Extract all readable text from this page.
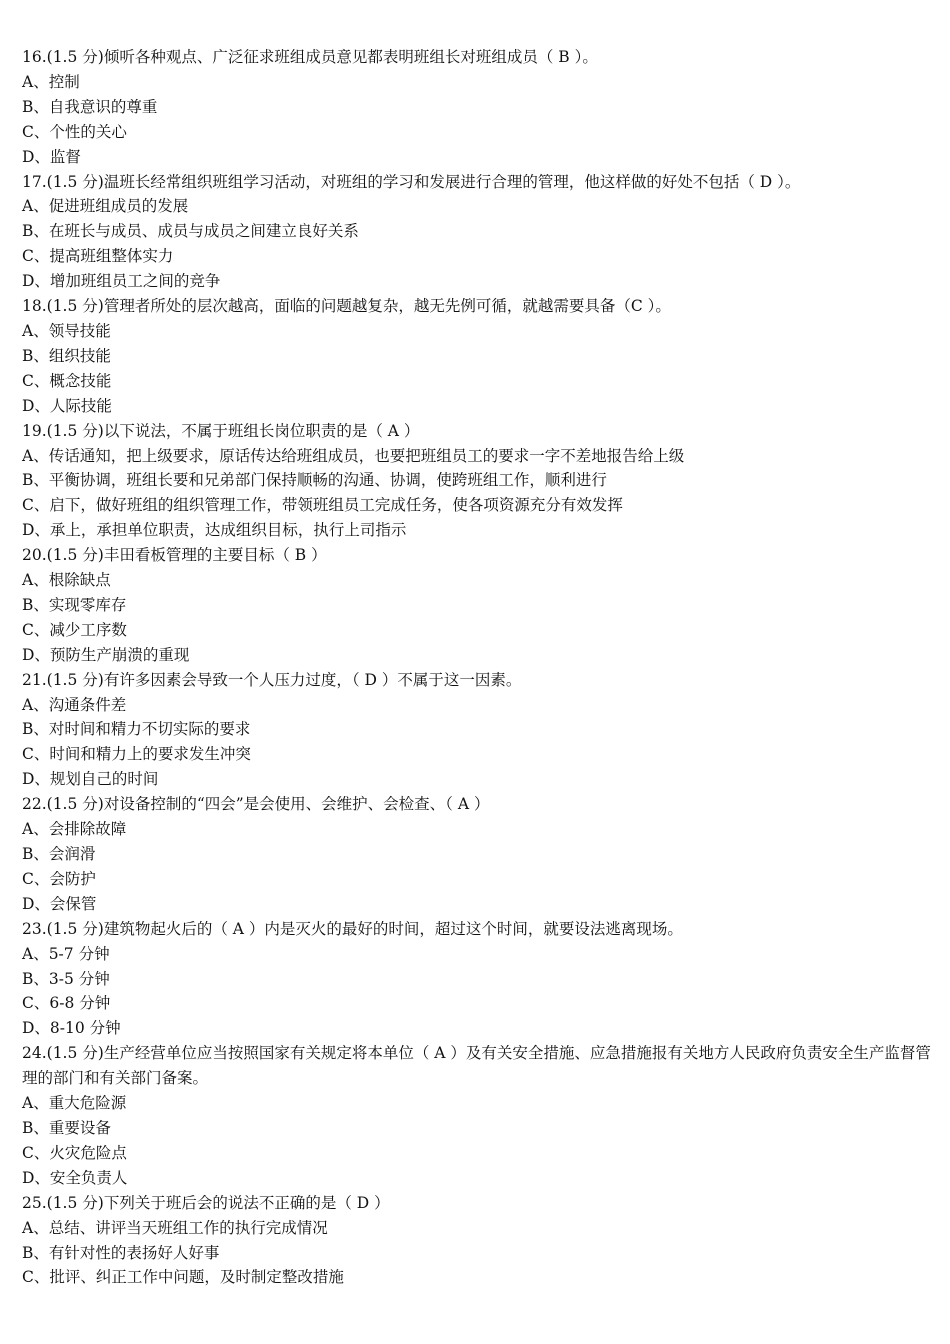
16.(1.5 分)倾听各种观点、广泛征求班组成员意见都表明班组长对班组成员（ B ）。

A、控制

B、自我意识的尊重

C、个性的关心

D、监督

17.(1.5 分)温班长经常组织班组学习活动，对班组的学习和发展进行合理的管理，他这样做的好处不包括（ D ）。

A、促进班组成员的发展

B、在班长与成员、成员与成员之间建立良好关系

C、提高班组整体实力

D、增加班组员工之间的竞争

18.(1.5 分)管理者所处的层次越高，面临的问题越复杂，越无先例可循，就越需要具备（C ）。

A、领导技能

B、组织技能

C、概念技能

D、人际技能

19.(1.5 分)以下说法，不属于班组长岗位职责的是（ A ）

A、传话通知，把上级要求，原话传达给班组成员，也要把班组员工的要求一字不差地报告给上级

B、平衡协调，班组长要和兄弟部门保持顺畅的沟通、协调，使跨班组工作，顺利进行

C、启下，做好班组的组织管理工作，带领班组员工完成任务，使各项资源充分有效发挥

D、承上，承担单位职责，达成组织目标，执行上司指示

20.(1.5 分)丰田看板管理的主要目标（ B ）

A、根除缺点

B、实现零库存

C、减少工序数

D、预防生产崩溃的重现

21.(1.5 分)有许多因素会导致一个人压力过度，（ D ）不属于这一因素。

A、沟通条件差

B、对时间和精力不切实际的要求

C、时间和精力上的要求发生冲突

D、规划自己的时间

22.(1.5 分)对设备控制的“四会”是会使用、会维护、会检查、（ A ）

A、会排除故障

B、会润滑

C、会防护

D、会保管

23.(1.5 分)建筑物起火后的（ A ）内是灭火的最好的时间，超过这个时间，就要设法逃离现场。

A、5-7 分钟

B、3-5 分钟

C、6-8 分钟

D、8-10 分钟

24.(1.5 分)生产经营单位应当按照国家有关规定将本单位（ A ）及有关安全措施、应急措施报有关地方人民政府负责安全生产监督管理的部门和有关部门备案。

A、重大危险源

B、重要设备

C、火灾危险点

D、安全负责人

25.(1.5 分)下列关于班后会的说法不正确的是（ D ）

A、总结、讲评当天班组工作的执行完成情况

B、有针对性的表扬好人好事

C、批评、纠正工作中问题，及时制定整改措施
